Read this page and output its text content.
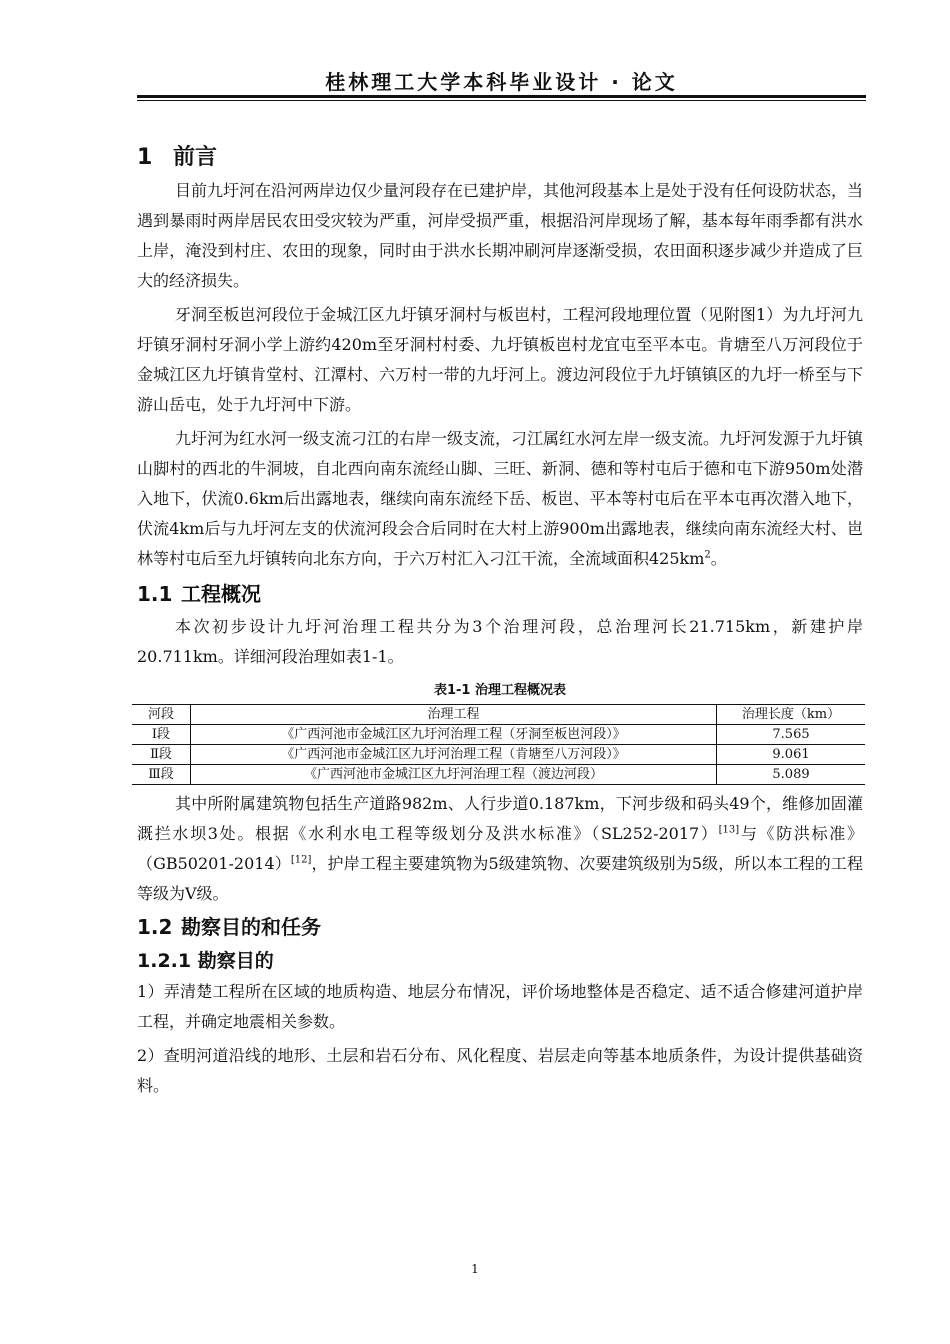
桂林理工大学本科毕业设计 · 论文
1 前言

目前九圩河在沿河两岸边仅少量河段存在已建护岸，其他河段基本上是处于没有任何设防状态，当遇到暴雨时两岸居民农田受灾较为严重，河岸受损严重，根据沿河岸现场了解，基本每年雨季都有洪水上岸，淹没到村庄、农田的现象，同时由于洪水长期冲刷河岸逐渐受损，农田面积逐步减少并造成了巨大的经济损失。

牙洞至板岜河段位于金城江区九圩镇牙洞村与板岜村，工程河段地理位置（见附图1）为九圩河九圩镇牙洞村牙洞小学上游约420m至牙洞村村委、九圩镇板岜村龙宜屯至平本屯。肯塘至八万河段位于金城江区九圩镇肯堂村、江潭村、六万村一带的九圩河上。渡边河段位于九圩镇镇区的九圩一桥至与下游山岳屯，处于九圩河中下游。

九圩河为红水河一级支流刁江的右岸一级支流，刁江属红水河左岸一级支流。九圩河发源于九圩镇山脚村的西北的牛洞坡，自北西向南东流经山脚、三旺、新洞、德和等村屯后于德和屯下游950m处潜入地下，伏流0.6km后出露地表，继续向南东流经下岳、板岜、平本等村屯后在平本屯再次潜入地下，伏流4km后与九圩河左支的伏流河段会合后同时在大村上游900m出露地表，继续向南东流经大村、岜林等村屯后至九圩镇转向北东方向，于六万村汇入刁江干流，全流域面积$425km^2$。

1.1 工程概况

本次初步设计九圩河治理工程共分为3个治理河段，总治理河长21.715km，新建护岸20.711km。详细河段治理如表1-1。

表1-1 治理工程概况表
河段	治理工程	治理长度（km）
Ⅰ段	《广西河池市金城江区九圩河治理工程（牙洞至板岜河段）》	7.565
Ⅱ段	《广西河池市金城江区九圩河治理工程（肯塘至八万河段）》	9.061
Ⅲ段	《广西河池市金城江区九圩河治理工程（渡边河段）	5.089

其中所附属建筑物包括生产道路982m、人行步道0.187km，下河步级和码头49个，维修加固灌溉拦水坝3处。根据《水利水电工程等级划分及洪水标准》（SL252-2017）[13]与《防洪标准》（GB50201-2014）[12]，护岸工程主要建筑物为5级建筑物、次要建筑级别为5级，所以本工程的工程等级为Ⅴ级。

1.2 勘察目的和任务
1.2.1 勘察目的

1）弄清楚工程所在区域的地质构造、地层分布情况，评价场地整体是否稳定、适不适合修建河道护岸工程，并确定地震相关参数。

2）查明河道沿线的地形、土层和岩石分布、风化程度、岩层走向等基本地质条件，为设计提供基础资料。

1
